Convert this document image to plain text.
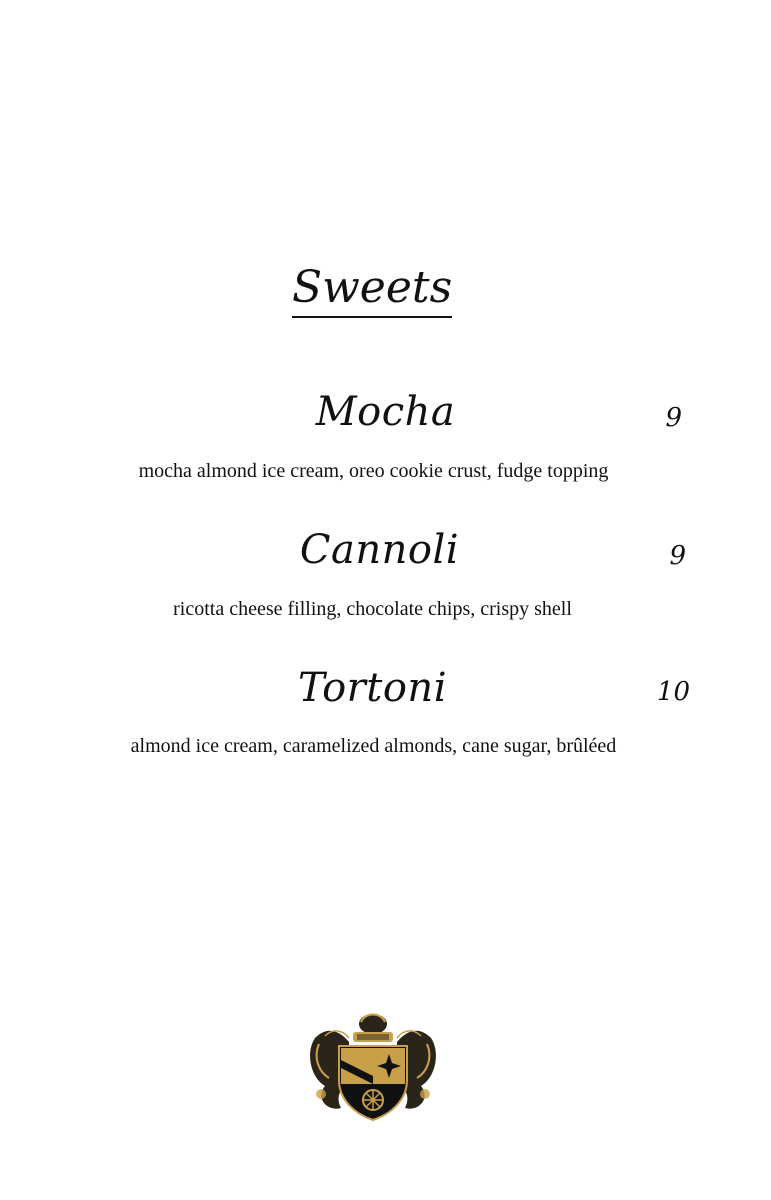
Sweets
Mocha	9
mocha almond ice cream, oreo cookie crust, fudge topping
Cannoli	9
ricotta cheese filling, chocolate chips, crispy shell
Tortoni	10
almond ice cream, caramelized almonds, cane sugar, brûléed
